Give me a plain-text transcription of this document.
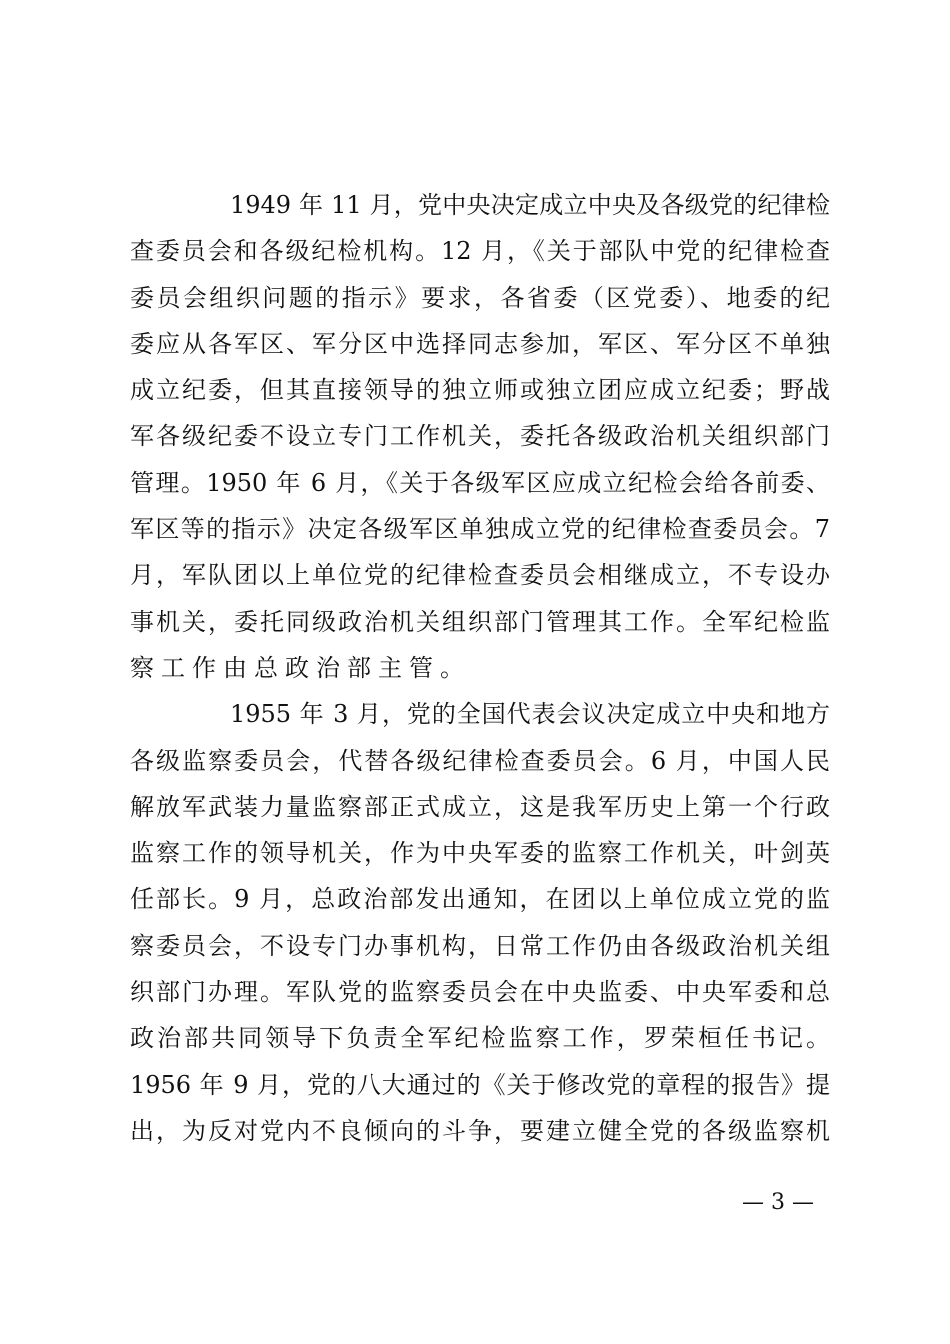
1949 年 11 月，党中央决定成立中央及各级党的纪律检
查委员会和各级纪检机构。12 月，《关于部队中党的纪律检查
委员会组织问题的指示》要求，各省委（区党委）、地委的纪
委应从各军区、军分区中选择同志参加，军区、军分区不单独
成立纪委，但其直接领导的独立师或独立团应成立纪委；野战
军各级纪委不设立专门工作机关，委托各级政治机关组织部门
管理。1950 年 6 月，《关于各级军区应成立纪检会给各前委、
军区等的指示》决定各级军区单独成立党的纪律检查委员会。7
月，军队团以上单位党的纪律检查委员会相继成立，不专设办
事机关，委托同级政治机关组织部门管理其工作。全军纪检监
察工作由总政治部主管。
1955 年 3 月，党的全国代表会议决定成立中央和地方
各级监察委员会，代替各级纪律检查委员会。6 月，中国人民
解放军武装力量监察部正式成立，这是我军历史上第一个行政
监察工作的领导机关，作为中央军委的监察工作机关，叶剑英
任部长。9 月，总政治部发出通知，在团以上单位成立党的监
察委员会，不设专门办事机构，日常工作仍由各级政治机关组
织部门办理。军队党的监察委员会在中央监委、中央军委和总
政治部共同领导下负责全军纪检监察工作，罗荣桓任书记。
1956 年 9 月，党的八大通过的《关于修改党的章程的报告》提
出，为反对党内不良倾向的斗争，要建立健全党的各级监察机
— 3 —
